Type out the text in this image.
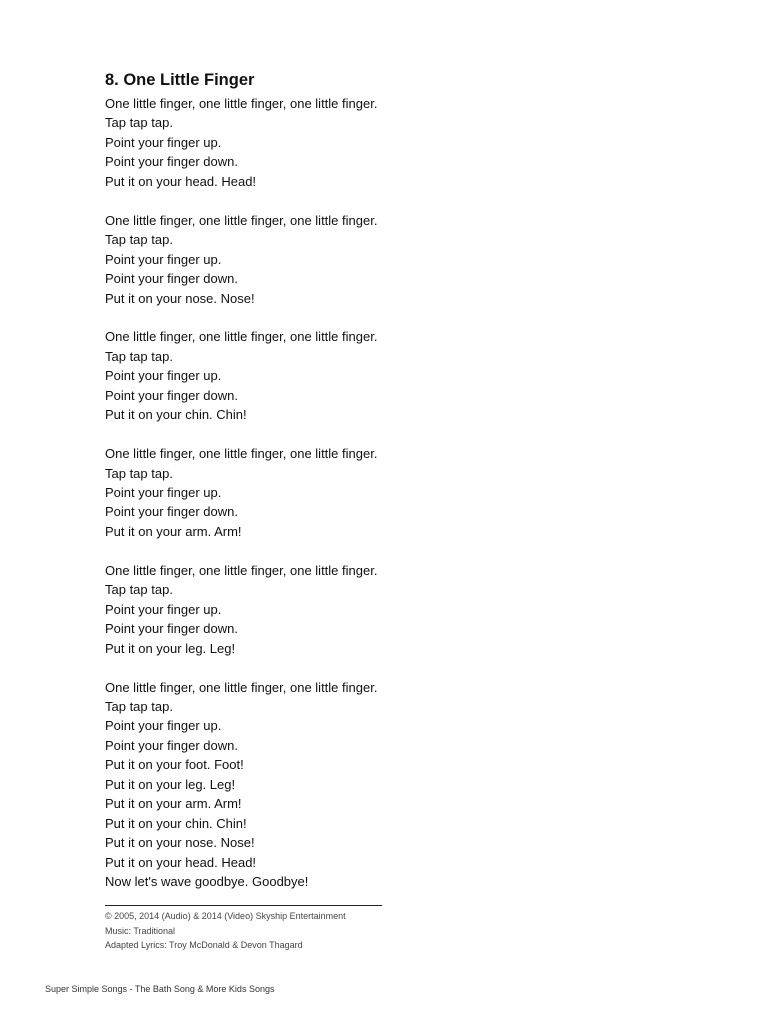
8. One Little Finger
One little finger, one little finger, one little finger.
Tap tap tap.
Point your finger up.
Point your finger down.
Put it on your head. Head!
One little finger, one little finger, one little finger.
Tap tap tap.
Point your finger up.
Point your finger down.
Put it on your nose. Nose!
One little finger, one little finger, one little finger.
Tap tap tap.
Point your finger up.
Point your finger down.
Put it on your chin. Chin!
One little finger, one little finger, one little finger.
Tap tap tap.
Point your finger up.
Point your finger down.
Put it on your arm. Arm!
One little finger, one little finger, one little finger.
Tap tap tap.
Point your finger up.
Point your finger down.
Put it on your leg. Leg!
One little finger, one little finger, one little finger.
Tap tap tap.
Point your finger up.
Point your finger down.
Put it on your foot. Foot!
Put it on your leg. Leg!
Put it on your arm. Arm!
Put it on your chin. Chin!
Put it on your nose. Nose!
Put it on your head. Head!
Now let's wave goodbye. Goodbye!
© 2005, 2014 (Audio) & 2014 (Video) Skyship Entertainment
Music: Traditional
Adapted Lyrics: Troy McDonald & Devon Thagard
Super Simple Songs - The Bath Song & More Kids Songs
